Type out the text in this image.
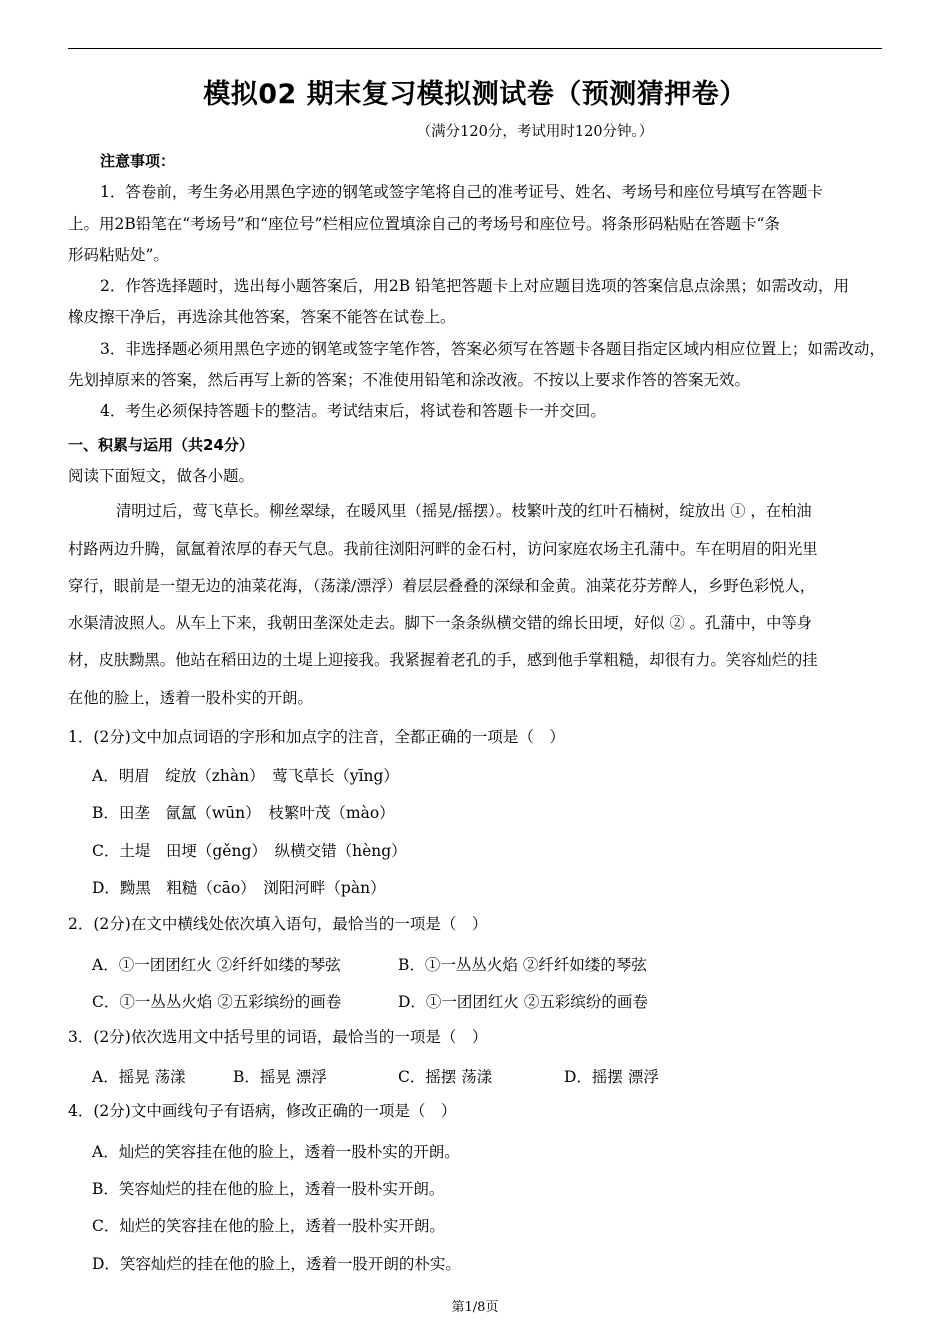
模拟02 期末复习模拟测试卷（预测猜押卷）
（满分120分，考试用时120分钟。）
注意事项：
1．答卷前，考生务必用黑色字迹的钢笔或签字笔将自己的准考证号、姓名、考场号和座位号填写在答题卡
上。用2B铅笔在“考场号”和“座位号”栏相应位置填涂自己的考场号和座位号。将条形码粘贴在答题卡“条
形码粘贴处”。
2．作答选择题时，选出每小题答案后，用2B 铅笔把答题卡上对应题目选项的答案信息点涂黑；如需改动，用
橡皮擦干净后，再选涂其他答案，答案不能答在试卷上。
3．非选择题必须用黑色字迹的钢笔或签字笔作答，答案必须写在答题卡各题目指定区域内相应位置上；如需改动，
先划掉原来的答案，然后再写上新的答案；不准使用铅笔和涂改液。不按以上要求作答的答案无效。
4．考生必须保持答题卡的整洁。考试结束后，将试卷和答题卡一并交回。
一、积累与运用（共24分）
阅读下面短文，做各小题。
清明过后，莺飞草长。柳丝翠绿，在暖风里（摇晃/摇摆）。枝繁叶茂的红叶石楠树，绽放出 ① ，在柏油
村路两边升腾，氤氲着浓厚的春天气息。我前往浏阳河畔的金石村，访问家庭农场主孔蒲中。车在明眉的阳光里
穿行，眼前是一望无边的油菜花海，（荡漾/漂浮）着层层叠叠的深绿和金黄。油菜花芬芳醉人，乡野色彩悦人，
水渠清波照人。从车上下来，我朝田垄深处走去。脚下一条条纵横交错的绵长田埂，好似 ② 。孔蒲中，中等身
材，皮肤黝黑。他站在稻田边的土堤上迎接我。我紧握着老孔的手，感到他手掌粗糙，却很有力。笑容灿烂的挂
在他的脸上，透着一股朴实的开朗。
1．(2分)文中加点词语的字形和加点字的注音，全都正确的一项是（　）
A．明眉　绽放（zhàn）　莺飞草长（yīng）
B．田垄　氤氲（wūn）　枝繁叶茂（mào）
C．土堤　田埂（gěng）　纵横交错（hèng）
D．黝黑　粗糙（cāo）　浏阳河畔（pàn）
2．(2分)在文中横线处依次填入语句，最恰当的一项是（　）
A．①一团团红火 ②纤纤如缕的琴弦	B．①一丛丛火焰 ②纤纤如缕的琴弦
C．①一丛丛火焰 ②五彩缤纷的画卷	D．①一团团红火 ②五彩缤纷的画卷
3．(2分)依次选用文中括号里的词语，最恰当的一项是（　）
A．摇晃 荡漾	B．摇晃 漂浮	C．摇摆 荡漾	D．摇摆 漂浮
4．(2分)文中画线句子有语病，修改正确的一项是（　）
A．灿烂的笑容挂在他的脸上，透着一股朴实的开朗。
B．笑容灿烂的挂在他的脸上，透着一股朴实开朗。
C．灿烂的笑容挂在他的脸上，透着一股朴实开朗。
D．笑容灿烂的挂在他的脸上，透着一股开朗的朴实。
第1/8页
